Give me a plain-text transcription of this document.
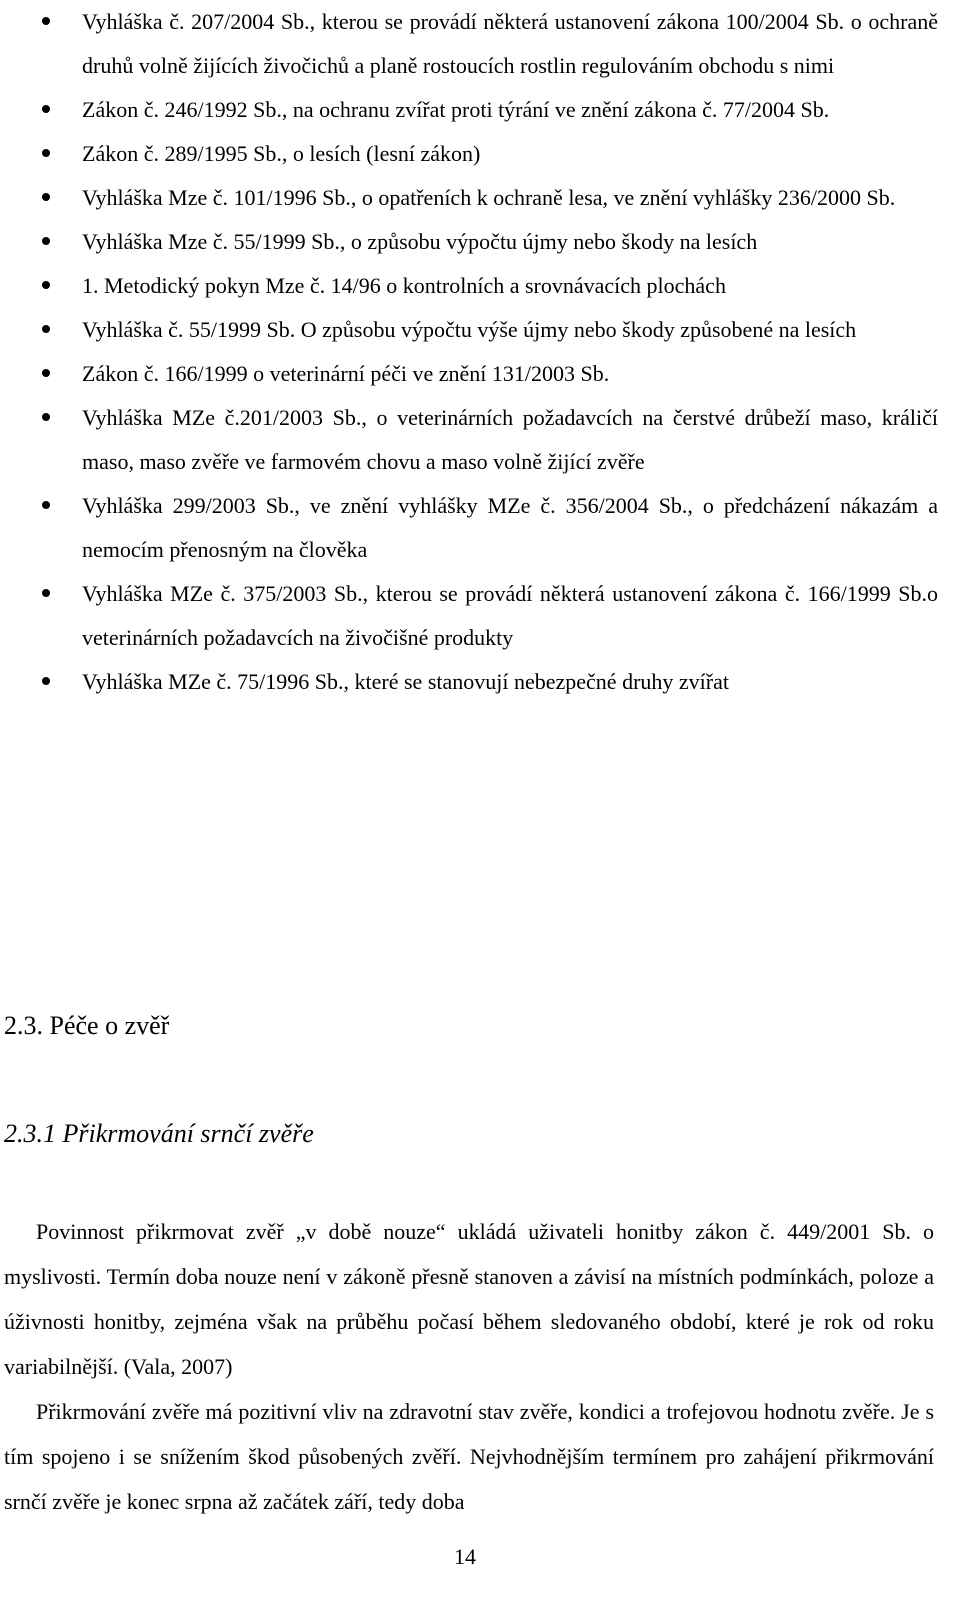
Vyhláška č. 207/2004 Sb., kterou se provádí některá ustanovení zákona 100/2004 Sb. o ochraně druhů volně žijících živočichů a planě rostoucích rostlin regulováním obchodu s nimi
Zákon č. 246/1992 Sb., na ochranu zvířat proti týrání ve znění zákona č. 77/2004 Sb.
Zákon č. 289/1995 Sb., o lesích (lesní zákon)
Vyhláška Mze č. 101/1996 Sb., o opatřeních k ochraně lesa, ve znění vyhlášky 236/2000 Sb.
Vyhláška Mze č. 55/1999 Sb., o způsobu výpočtu újmy nebo škody na lesích
1. Metodický pokyn Mze č. 14/96 o kontrolních a srovnávacích plochách
Vyhláška č. 55/1999 Sb. O způsobu výpočtu výše újmy nebo škody způsobené na lesích
Zákon č. 166/1999 o veterinární péči ve znění 131/2003 Sb.
Vyhláška MZe č.201/2003 Sb., o veterinárních požadavcích na čerstvé drůbeží maso, králičí maso, maso zvěře ve farmovém chovu a maso volně žijící zvěře
Vyhláška 299/2003 Sb., ve znění vyhlášky MZe č. 356/2004 Sb., o předcházení nákazám a nemocím přenosným na člověka
Vyhláška MZe č. 375/2003 Sb., kterou se provádí některá ustanovení zákona č. 166/1999 Sb.o veterinárních požadavcích na živočišné produkty
Vyhláška MZe č. 75/1996 Sb., které se stanovují nebezpečné druhy zvířat
2.3. Péče o zvěř
2.3.1 Přikrmování srnčí zvěře

Povinnost přikrmovat zvěř „v době nouze“ ukládá uživateli honitby zákon č. 449/2001 Sb. o myslivosti. Termín doba nouze není v zákoně přesně stanoven a závisí na místních podmínkách, poloze a úživnosti honitby, zejména však na průběhu počasí během sledovaného období, které je rok od roku variabilnější. (Vala, 2007)

Přikrmování zvěře má pozitivní vliv na zdravotní stav zvěře, kondici a trofejovou hodnotu zvěře. Je s tím spojeno i se snížením škod působených zvěří. Nejvhodnějším termínem pro zahájení přikrmování srnčí zvěře je konec srpna až začátek září, tedy doba

14
